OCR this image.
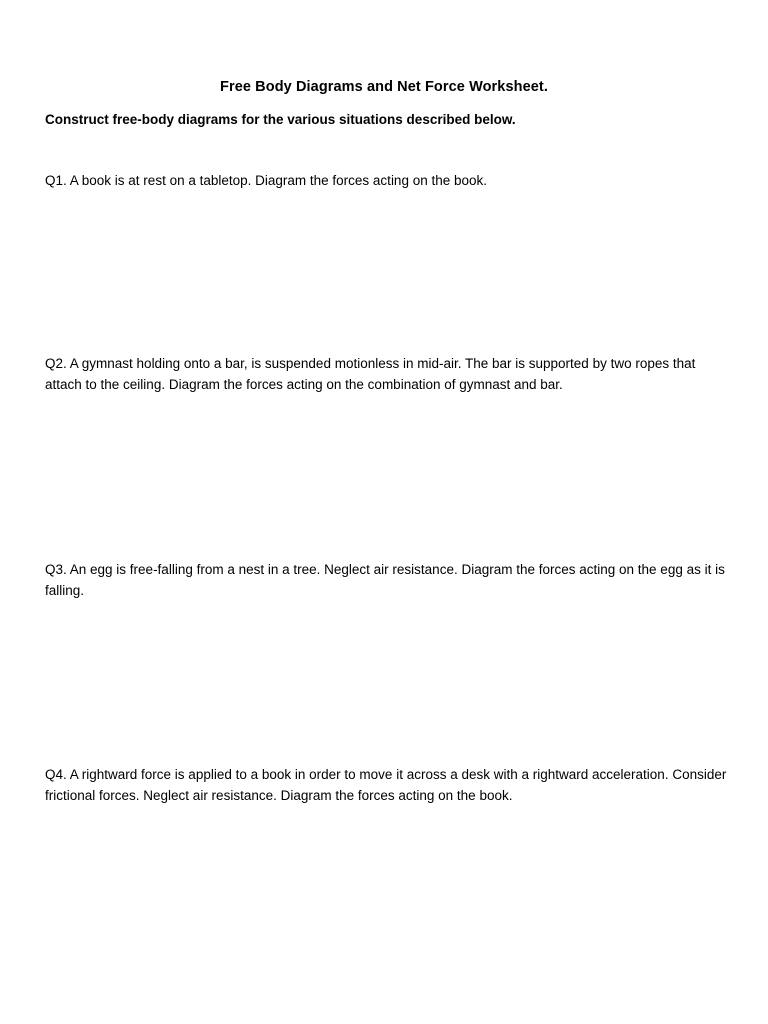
Free Body Diagrams and Net Force Worksheet.
Construct free-body diagrams for the various situations described below.
Q1. A book is at rest on a tabletop. Diagram the forces acting on the book.
Q2. A gymnast holding onto a bar, is suspended motionless in mid-air. The bar is supported by two ropes that attach to the ceiling. Diagram the forces acting on the combination of gymnast and bar.
Q3. An egg is free-falling from a nest in a tree. Neglect air resistance. Diagram the forces acting on the egg as it is falling.
Q4. A rightward force is applied to a book in order to move it across a desk with a rightward acceleration. Consider frictional forces. Neglect air resistance. Diagram the forces acting on the book.
